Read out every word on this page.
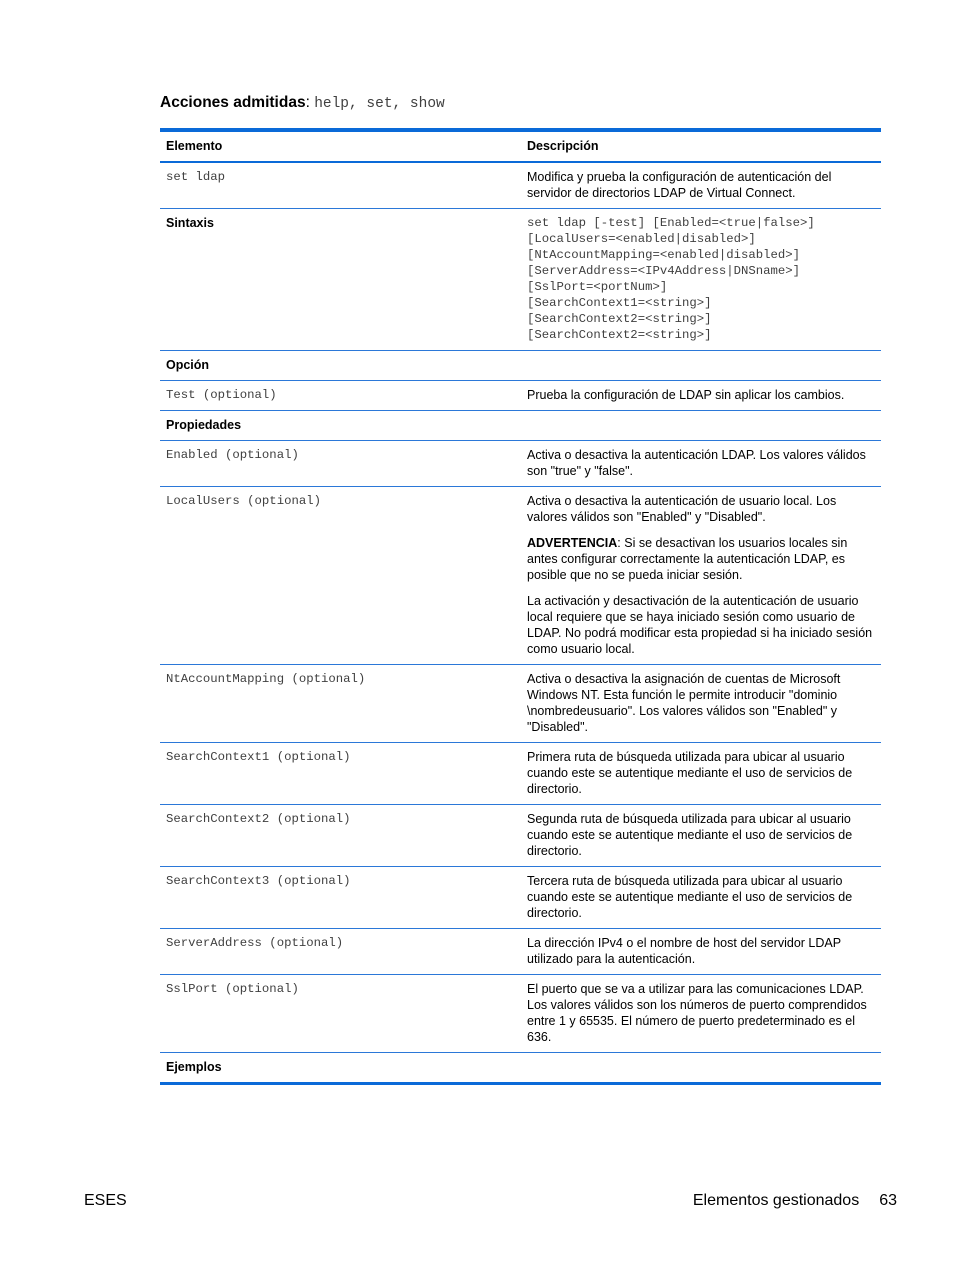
Acciones admitidas: help, set, show
Elemento	Descripción
set ldap	Modifica y prueba la configuración de autenticación del servidor de directorios LDAP de Virtual Connect.
Sintaxis	set ldap [-test] [Enabled=<true|false>]
[LocalUsers=<enabled|disabled>]
[NtAccountMapping=<enabled|disabled>]
[ServerAddress=<IPv4Address|DNSname>]
[SslPort=<portNum>]
[SearchContext1=<string>]
[SearchContext2=<string>]
[SearchContext2=<string>]
Opción
Test (optional)	Prueba la configuración de LDAP sin aplicar los cambios.
Propiedades
Enabled (optional)	Activa o desactiva la autenticación LDAP. Los valores válidos son "true" y "false".
LocalUsers (optional)	Activa o desactiva la autenticación de usuario local. Los valores válidos son "Enabled" y "Disabled".

ADVERTENCIA: Si se desactivan los usuarios locales sin antes configurar correctamente la autenticación LDAP, es posible que no se pueda iniciar sesión.

La activación y desactivación de la autenticación de usuario local requiere que se haya iniciado sesión como usuario de LDAP. No podrá modificar esta propiedad si ha iniciado sesión como usuario local.

NtAccountMapping (optional)	Activa o desactiva la asignación de cuentas de Microsoft Windows NT. Esta función le permite introducir "dominio \nombredeusuario". Los valores válidos son "Enabled" y "Disabled".
SearchContext1 (optional)	Primera ruta de búsqueda utilizada para ubicar al usuario cuando este se autentique mediante el uso de servicios de directorio.
SearchContext2 (optional)	Segunda ruta de búsqueda utilizada para ubicar al usuario cuando este se autentique mediante el uso de servicios de directorio.
SearchContext3 (optional)	Tercera ruta de búsqueda utilizada para ubicar al usuario cuando este se autentique mediante el uso de servicios de directorio.
ServerAddress (optional)	La dirección IPv4 o el nombre de host del servidor LDAP utilizado para la autenticación.
SslPort (optional)	El puerto que se va a utilizar para las comunicaciones LDAP. Los valores válidos son los números de puerto comprendidos entre 1 y 65535. El número de puerto predeterminado es el 636.
Ejemplos
ESES	Elementos gestionados 63
